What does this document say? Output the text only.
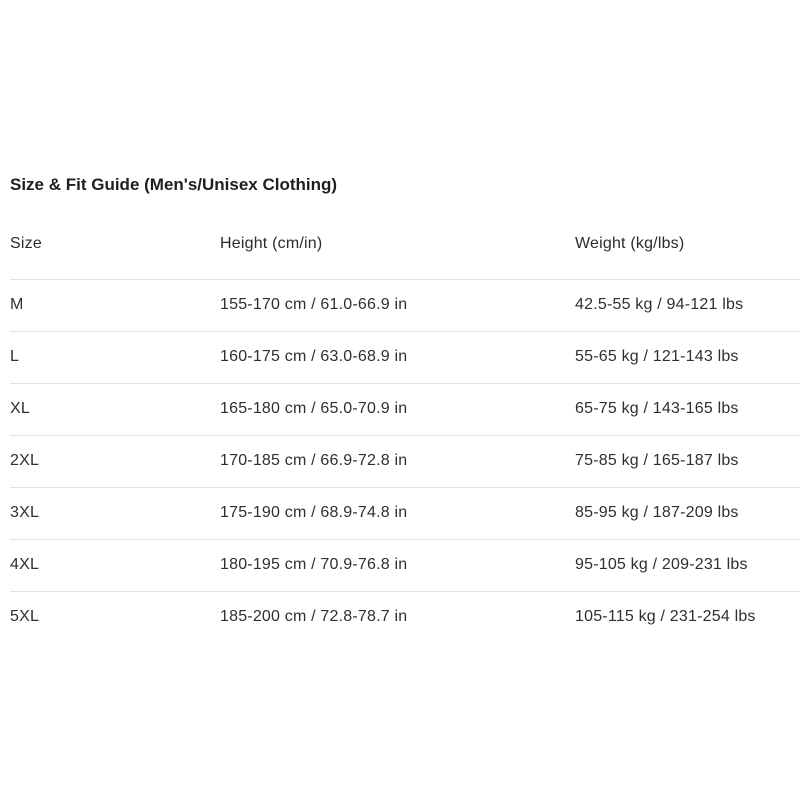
Size & Fit Guide (Men's/Unisex Clothing)
Size	Height (cm/in)	Weight (kg/lbs)
M	155-170 cm / 61.0-66.9 in	42.5-55 kg / 94-121 lbs
L	160-175 cm / 63.0-68.9 in	55-65 kg / 121-143 lbs
XL	165-180 cm / 65.0-70.9 in	65-75 kg / 143-165 lbs
2XL	170-185 cm / 66.9-72.8 in	75-85 kg / 165-187 lbs
3XL	175-190 cm / 68.9-74.8 in	85-95 kg / 187-209 lbs
4XL	180-195 cm / 70.9-76.8 in	95-105 kg / 209-231 lbs
5XL	185-200 cm / 72.8-78.7 in	105-115 kg / 231-254 lbs
